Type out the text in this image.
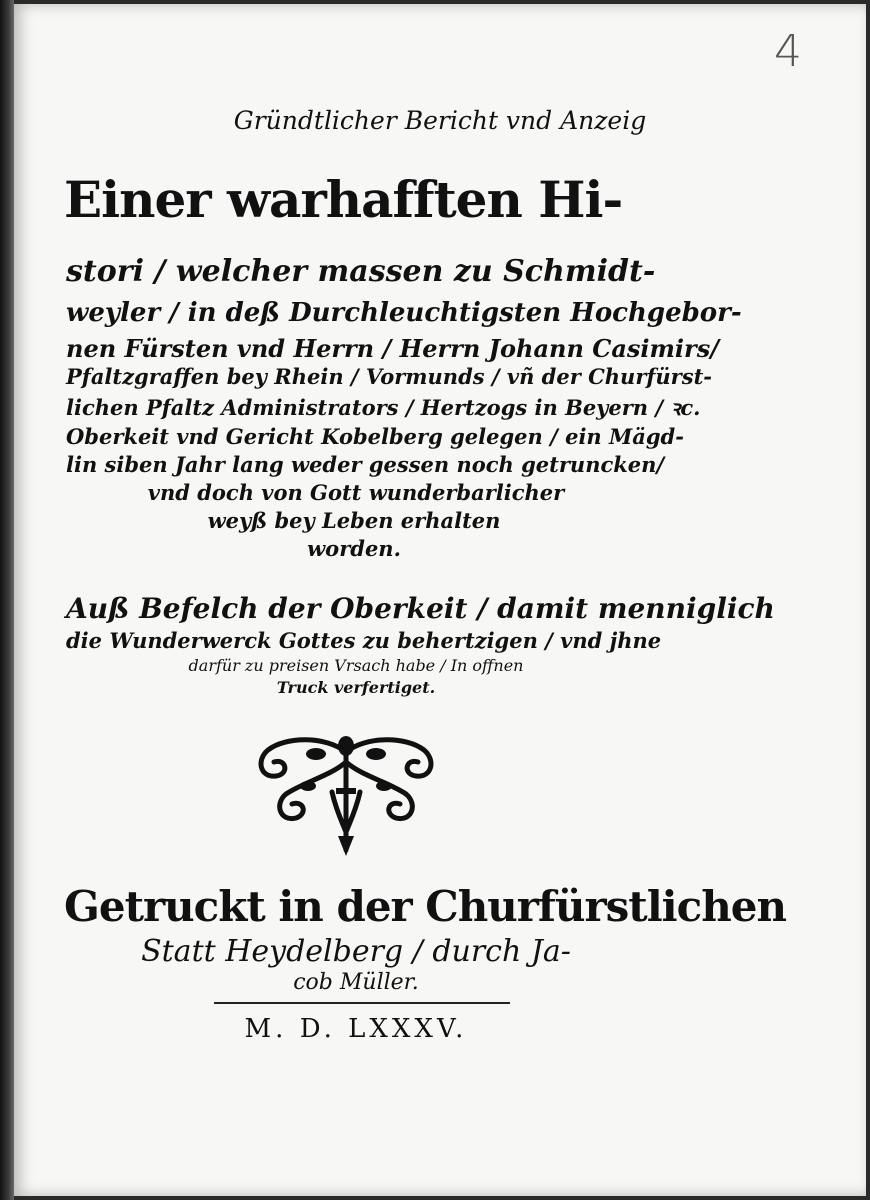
4
Gründtlicher Bericht vnd Anzeig
Einer warhafften Hi-
stori / welcher massen zu Schmidt-
weyler / in deß Durchleuchtigsten Hochgebor-
nen Fürsten vnd Herrn / Herrn Johann Casimirs/
Pfaltzgraffen bey Rhein / Vormunds / vñ der Churfürst-
lichen Pfaltz Administrators / Hertzogs in Beyern / ꝛc.
Oberkeit vnd Gericht Kobelberg gelegen / ein Mägd-
lin siben Jahr lang weder gessen noch getruncken/
vnd doch von Gott wunderbarlicher
weyß bey Leben erhalten
worden.
Auß Befelch der Oberkeit / damit menniglich
die Wunderwerck Gottes zu behertzigen / vnd jhne
darfür zu preisen Vrsach habe / In offnen
Truck verfertiget.
Getruckt in der Churfürstlichen
Statt Heydelberg / durch Ja-
cob Müller.
M. D. LXXXV.
